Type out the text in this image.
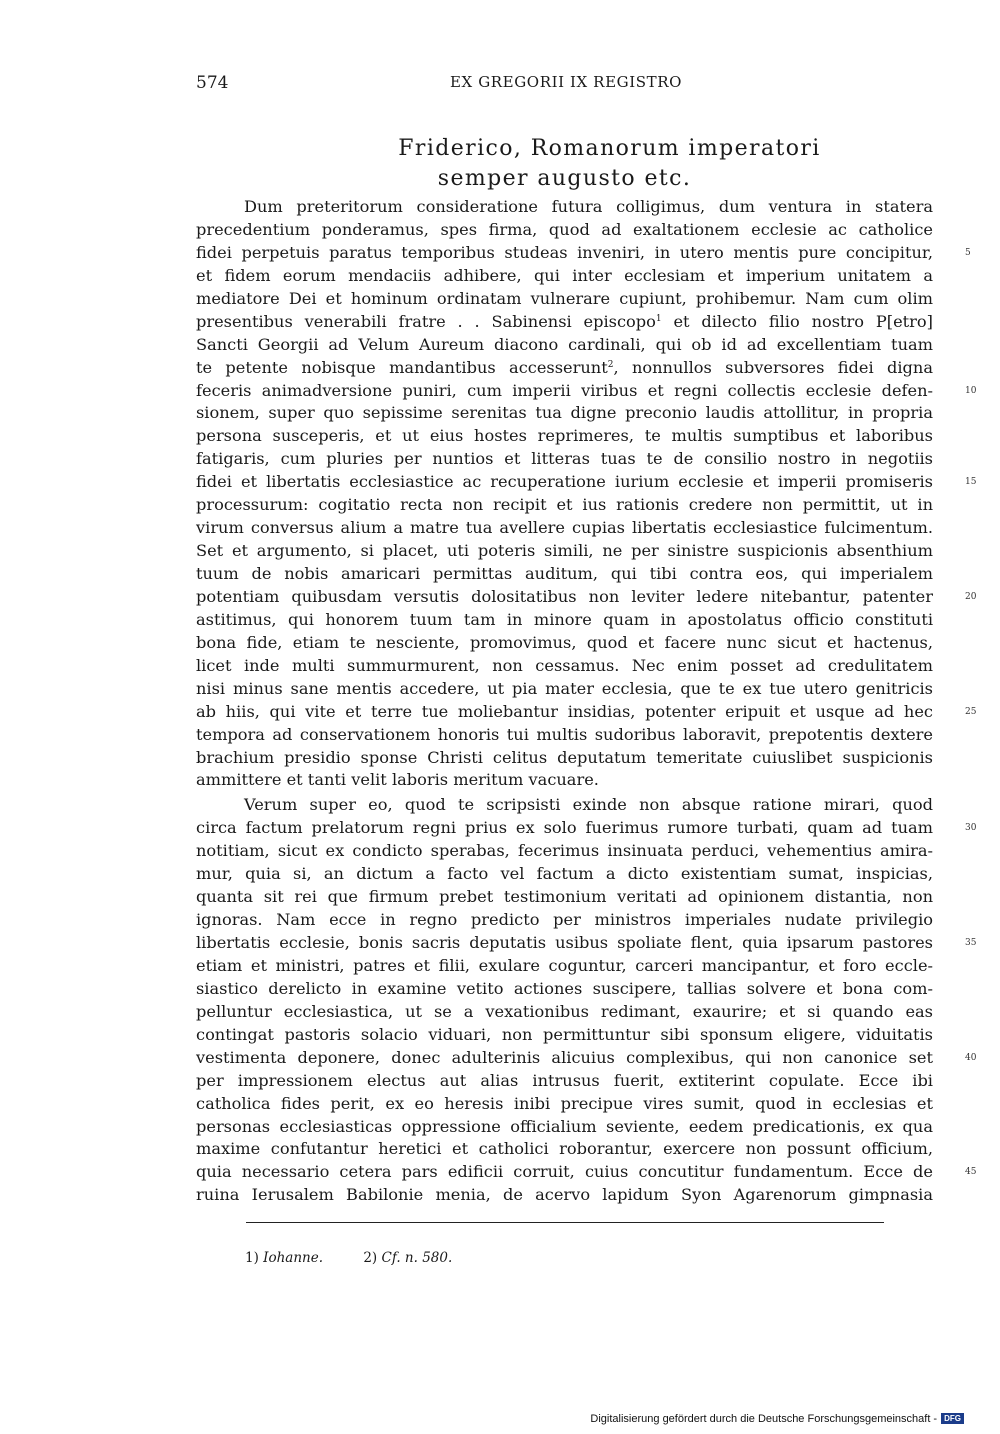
574	EX GREGORII IX REGISTRO

Friderico, Romanorum imperatori

semper augusto etc.

Dum preteritorum consideratione futura colligimus, dum ventura in statera
precedentium ponderamus, spes firma, quod ad exaltationem ecclesie ac catholice
fidei perpetuis paratus temporibus studeas inveniri, in utero mentis pure concipitur,	5
et fidem eorum mendaciis adhibere, qui inter ecclesiam et imperium unitatem a
mediatore Dei et hominum ordinatam vulnerare cupiunt, prohibemur. Nam cum olim
presentibus venerabili fratre . . Sabinensi episcopo$^1$ et dilecto filio nostro P[etro]
Sancti Georgii ad Velum Aureum diacono cardinali, qui ob id ad excellentiam tuam
te petente nobisque mandantibus accesserunt$^2$, nonnullos subversores fidei digna
feceris animadversione puniri, cum imperii viribus et regni collectis ecclesie defen-	10
sionem, super quo sepissime serenitas tua digne preconio laudis attollitur, in propria
persona susceperis, et ut eius hostes reprimeres, te multis sumptibus et laboribus
fatigaris, cum pluries per nuntios et litteras tuas te de consilio nostro in negotiis
fidei et libertatis ecclesiastice ac recuperatione iurium ecclesie et imperii promiseris	15
processurum: cogitatio recta non recipit et ius rationis credere non permittit, ut in
virum conversus alium a matre tua avellere cupias libertatis ecclesiastice fulcimentum.
Set et argumento, si placet, uti poteris simili, ne per sinistre suspicionis absenthium
tuum de nobis amaricari permittas auditum, qui tibi contra eos, qui imperialem
potentiam quibusdam versutis dolositatibus non leviter ledere nitebantur, patenter	20
astitimus, qui honorem tuum tam in minore quam in apostolatus officio constituti
bona fide, etiam te nesciente, promovimus, quod et facere nunc sicut et hactenus,
licet inde multi summurmurent, non cessamus. Nec enim posset ad credulitatem
nisi minus sane mentis accedere, ut pia mater ecclesia, que te ex tue utero genitricis
ab hiis, qui vite et terre tue moliebantur insidias, potenter eripuit et usque ad hec	25
tempora ad conservationem honoris tui multis sudoribus laboravit, prepotentis dextere
brachium presidio sponse Christi celitus deputatum temeritate cuiuslibet suspicionis
ammittere et tanti velit laboris meritum vacuare.
Verum super eo, quod te scripsisti exinde non absque ratione mirari, quod
circa factum prelatorum regni prius ex solo fuerimus rumore turbati, quam ad tuam	30
notitiam, sicut ex condicto sperabas, fecerimus insinuata perduci, vehementius amira-
mur, quia si, an dictum a facto vel factum a dicto existentiam sumat, inspicias,
quanta sit rei que firmum prebet testimonium veritati ad opinionem distantia, non
ignoras. Nam ecce in regno predicto per ministros imperiales nudate privilegio
libertatis ecclesie, bonis sacris deputatis usibus spoliate flent, quia ipsarum pastores	35
etiam et ministri, patres et filii, exulare coguntur, carceri mancipantur, et foro eccle-
siastico derelicto in examine vetito actiones suscipere, tallias solvere et bona com-
pelluntur ecclesiastica, ut se a vexationibus redimant, exaurire; et si quando eas
contingat pastoris solacio viduari, non permittuntur sibi sponsum eligere, viduitatis
vestimenta deponere, donec adulterinis alicuius complexibus, qui non canonice set	40
per impressionem electus aut alias intrusus fuerit, extiterint copulate. Ecce ibi
catholica fides perit, ex eo heresis inibi precipue vires sumit, quod in ecclesias et
personas ecclesiasticas oppressione officialium seviente, eedem predicationis, ex qua
maxime confutantur heretici et catholici roborantur, exercere non possunt officium,
quia necessario cetera pars edificii corruit, cuius concutitur fundamentum. Ecce de	45
ruina Ierusalem Babilonie menia, de acervo lapidum Syon Agarenorum gimpnasia
1) Iohanne.	2) Cf. n. 580.
Digitalisierung gefördert durch die Deutsche Forschungsgemeinschaft - DFG
